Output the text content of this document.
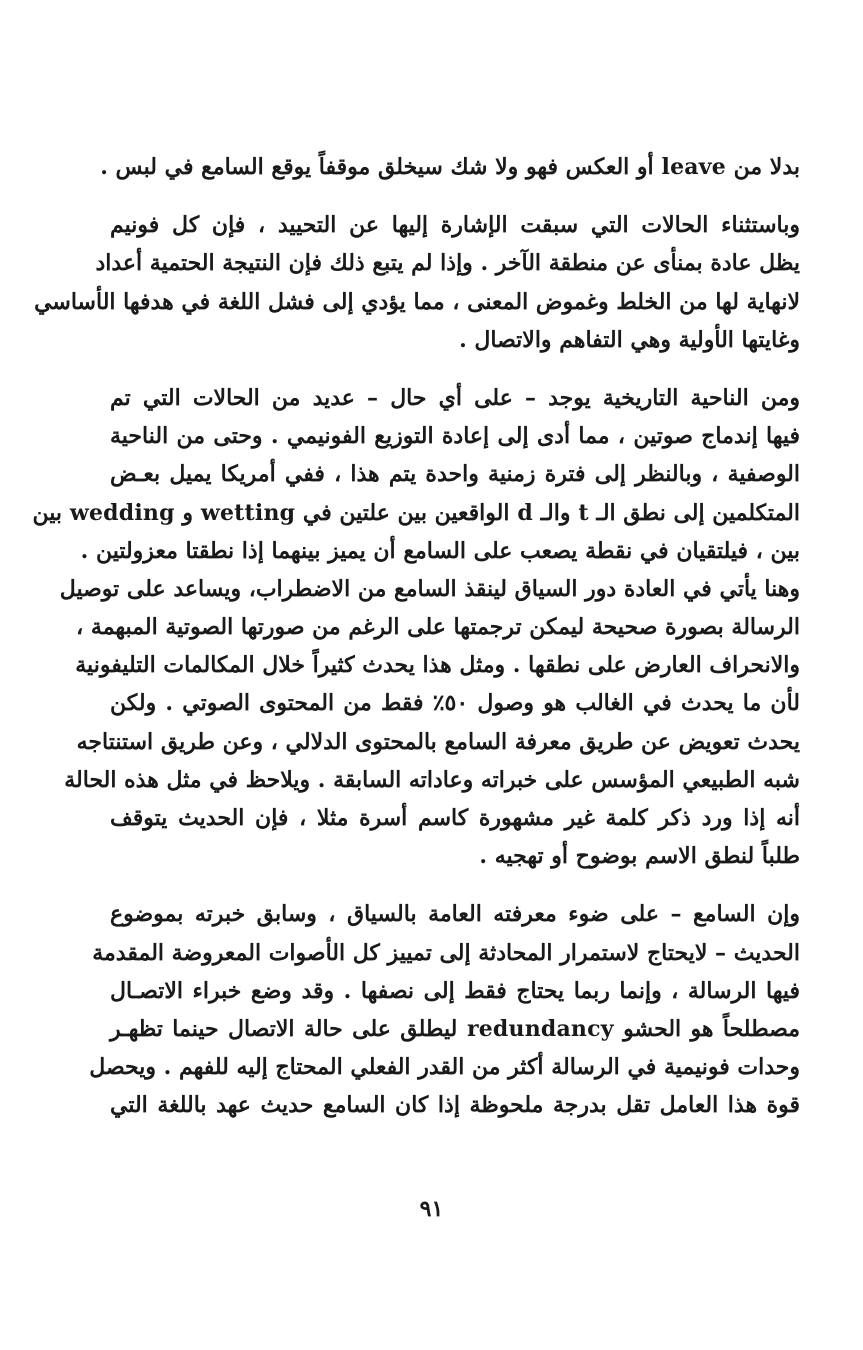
بدلا من leave أو العكس فهو ولا شك سيخلق موقفاً يوقع السامع في لبس .
وباستثناء الحالات التي سبقت الإشارة إليها عن التحييد ، فإن كل فونيم
يظل عادة بمنأى عن منطقة الآخر . وإذا لم يتبع ذلك فإن النتيجة الحتمية أعداد
لانهاية لها من الخلط وغموض المعنى ، مما يؤدي إلى فشل اللغة في هدفها الأساسي
وغايتها الأولية وهي التفاهم والاتصال .
ومن الناحية التاريخية يوجد – على أي حال – عديد من الحالات التي تم
فيها إندماج صوتين ، مما أدى إلى إعادة التوزيع الفونيمي . وحتى من الناحية
الوصفية ، وبالنظر إلى فترة زمنية واحدة يتم هذا ، ففي أمريكا يميل بعـض
المتكلمين إلى نطق الـ t والـ d الواقعين بين علتين في wetting و wedding بين
بين ، فيلتقيان في نقطة يصعب على السامع أن يميز بينهما إذا نطقتا معزولتين .
وهنا يأتي في العادة دور السياق لينقذ السامع من الاضطراب، ويساعد على توصيل
الرسالة بصورة صحيحة ليمكن ترجمتها على الرغم من صورتها الصوتية المبهمة ،
والانحراف العارض على نطقها . ومثل هذا يحدث كثيراً خلال المكالمات التليفونية
لأن ما يحدث في الغالب هو وصول ٥٠٪ فقط من المحتوى الصوتي . ولكن
يحدث تعويض عن طريق معرفة السامع بالمحتوى الدلالي ، وعن طريق استنتاجه
شبه الطبيعي المؤسس على خبراته وعاداته السابقة . ويلاحظ في مثل هذه الحالة
أنه إذا ورد ذكر كلمة غير مشهورة كاسم أسرة مثلا ، فإن الحديث يتوقف
طلباً لنطق الاسم بوضوح أو تهجيه .
وإن السامع – على ضوء معرفته العامة بالسياق ، وسابق خبرته بموضوع
الحديث – لايحتاج لاستمرار المحادثة إلى تمييز كل الأصوات المعروضة المقدمة
فيها الرسالة ، وإنما ربما يحتاج فقط إلى نصفها . وقد وضع خبراء الاتصـال
مصطلحاً هو الحشو redundancy ليطلق على حالة الاتصال حينما تظهـر
وحدات فونيمية في الرسالة أكثر من القدر الفعلي المحتاج إليه للفهم . ويحصل
قوة هذا العامل تقل بدرجة ملحوظة إذا كان السامع حديث عهد باللغة التي
٩١
